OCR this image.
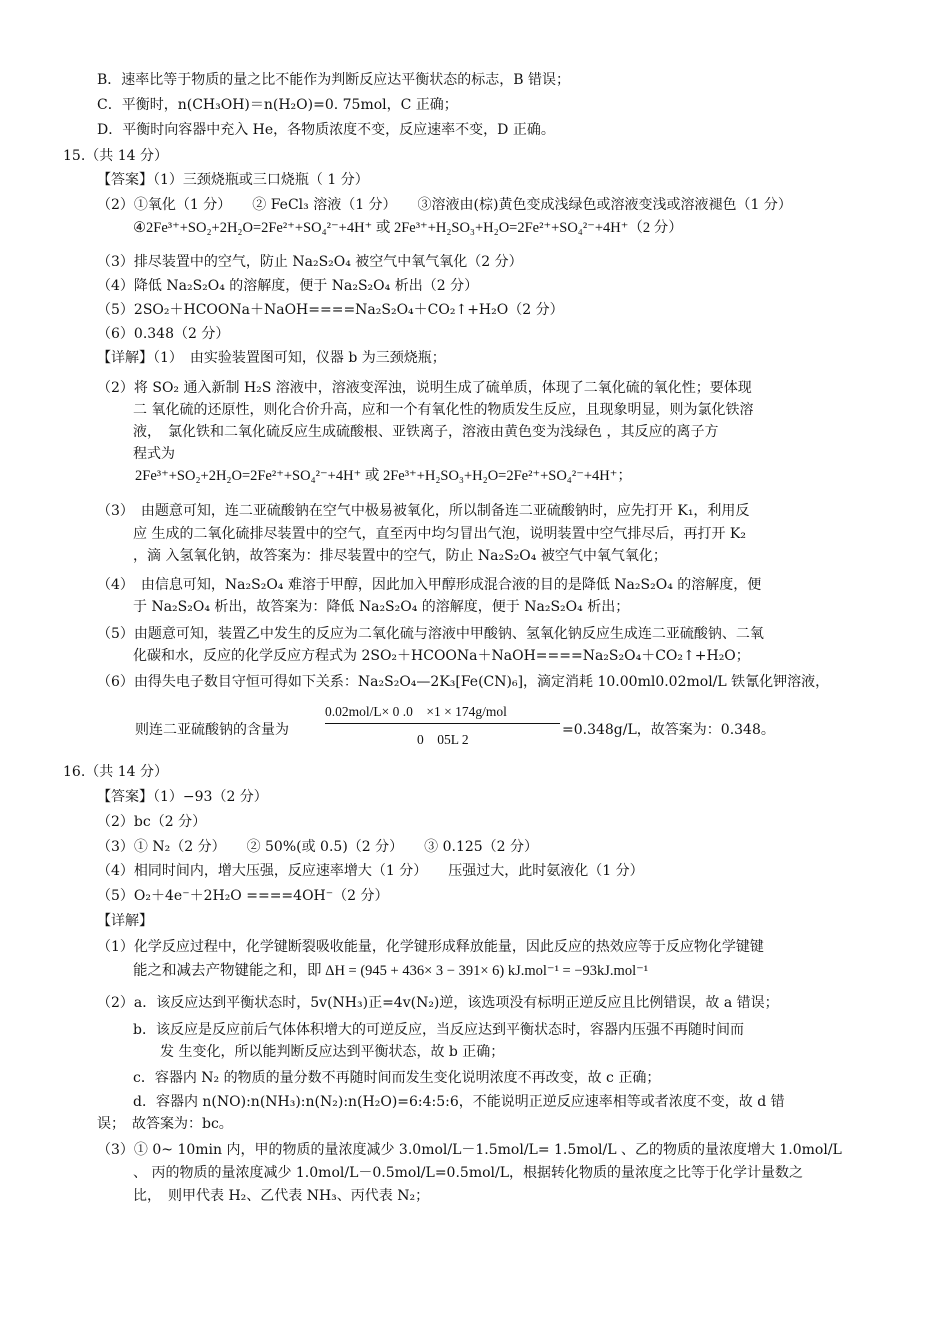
B．速率比等于物质的量之比不能作为判断反应达平衡状态的标志，B 错误；
C．平衡时，n(CH₃OH)＝n(H₂O)=0. 75mol，C 正确；
D．平衡时向容器中充入 He，各物质浓度不变，反应速率不变，D 正确。
15.（共 14 分）
【答案】（1）三颈烧瓶或三口烧瓶（ 1 分）
（2）①氧化（1 分）　　② FeCl₃ 溶液（1 分）　　③溶液由(棕)黄色变成浅绿色或溶液变浅或溶液褪色（1 分）
④2Fe³⁺+SO₂+2H₂O=2Fe²⁺+SO₄²⁻+4H⁺ 或 2Fe³⁺+H₂SO₃+H₂O=2Fe²⁺+SO₄²⁻+4H⁺（2 分）
（3）排尽装置中的空气，防止 Na₂S₂O₄ 被空气中氧气氧化（2 分）
（4）降低 Na₂S₂O₄ 的溶解度，便于 Na₂S₂O₄ 析出（2 分）
（5）2SO₂＋HCOONa＋NaOH====Na₂S₂O₄＋CO₂↑+H₂O（2 分）
（6）0.348（2 分）
【详解】（1）　由实验装置图可知，仪器 b 为三颈烧瓶；
（2）将 SO₂ 通入新制 H₂S 溶液中，溶液变浑浊，说明生成了硫单质，体现了二氧化硫的氧化性；要体现
二 氧化硫的还原性，则化合价升高，应和一个有氧化性的物质发生反应，且现象明显，则为氯化铁溶
液，　氯化铁和二氧化硫反应生成硫酸根、亚铁离子，溶液由黄色变为浅绿色 ，其反应的离子方
程式为
2Fe³⁺+SO₂+2H₂O=2Fe²⁺+SO₄²⁻+4H⁺ 或 2Fe³⁺+H₂SO₃+H₂O=2Fe²⁺+SO₄²⁻+4H⁺；
（3）　由题意可知，连二亚硫酸钠在空气中极易被氧化，所以制备连二亚硫酸钠时，应先打开 K₁，利用反
应 生成的二氧化硫排尽装置中的空气，直至丙中均匀冒出气泡，说明装置中空气排尽后，再打开 K₂
，滴 入氢氧化钠，故答案为：排尽装置中的空气，防止 Na₂S₂O₄ 被空气中氧气氧化；
（4）　由信息可知，Na₂S₂O₄ 难溶于甲醇，因此加入甲醇形成混合液的目的是降低 Na₂S₂O₄ 的溶解度，便
于 Na₂S₂O₄ 析出，故答案为：降低 Na₂S₂O₄ 的溶解度，便于 Na₂S₂O₄ 析出；
（5）由题意可知，装置乙中发生的反应为二氧化硫与溶液中甲酸钠、氢氧化钠反应生成连二亚硫酸钠、二氧
化碳和水，反应的化学反应方程式为 2SO₂＋HCOONa＋NaOH====Na₂S₂O₄＋CO₂↑+H₂O；
（6）由得失电子数目守恒可得如下关系：Na₂S₂O₄—2K₃[Fe(CN)₆]，滴定消耗 10.00ml0.02mol/L 铁氰化钾溶液，
0.02mol/L× 0 .0　×1 × 174g/mol
则连二亚硫酸钠的含量为
0　05L 2
=0.348g/L，故答案为：0.348。
16.（共 14 分）
【答案】（1）−93（2 分）
（2）bc（2 分）
（3）① N₂（2 分）　　② 50%(或 0.5)（2 分）　　③ 0.125（2 分）
（4）相同时间内，增大压强，反应速率增大（1 分）　　压强过大，此时氨液化（1 分）
（5）O₂＋4e⁻＋2H₂O ====4OH⁻（2 分）
【详解】
（1）化学反应过程中，化学键断裂吸收能量，化学键形成释放能量，因此反应的热效应等于反应物化学键键
能之和减去产物键能之和，即 ΔH = (945 + 436× 3 − 391× 6) kJ.mol⁻¹ = −93kJ.mol⁻¹
（2）a．该反应达到平衡状态时，5v(NH₃)正=4v(N₂)逆，该选项没有标明正逆反应且比例错误，故 a 错误；
b．该反应是反应前后气体体积增大的可逆反应，当反应达到平衡状态时，容器内压强不再随时间而
发 生变化，所以能判断反应达到平衡状态，故 b 正确；
c．容器内 N₂ 的物质的量分数不再随时间而发生变化说明浓度不再改变，故 c 正确；
d．容器内 n(NO):n(NH₃):n(N₂):n(H₂O)=6:4:5:6，不能说明正逆反应速率相等或者浓度不变，故 d 错
误；　故答案为：bc。
（3）① 0~ 10min 内，甲的物质的量浓度减少 3.0mol/L－1.5mol/L= 1.5mol/L 、乙的物质的量浓度增大 1.0mol/L
、 丙的物质的量浓度减少 1.0mol/L－0.5mol/L=0.5mol/L，根据转化物质的量浓度之比等于化学计量数之
比，　则甲代表 H₂、乙代表 NH₃、丙代表 N₂；
